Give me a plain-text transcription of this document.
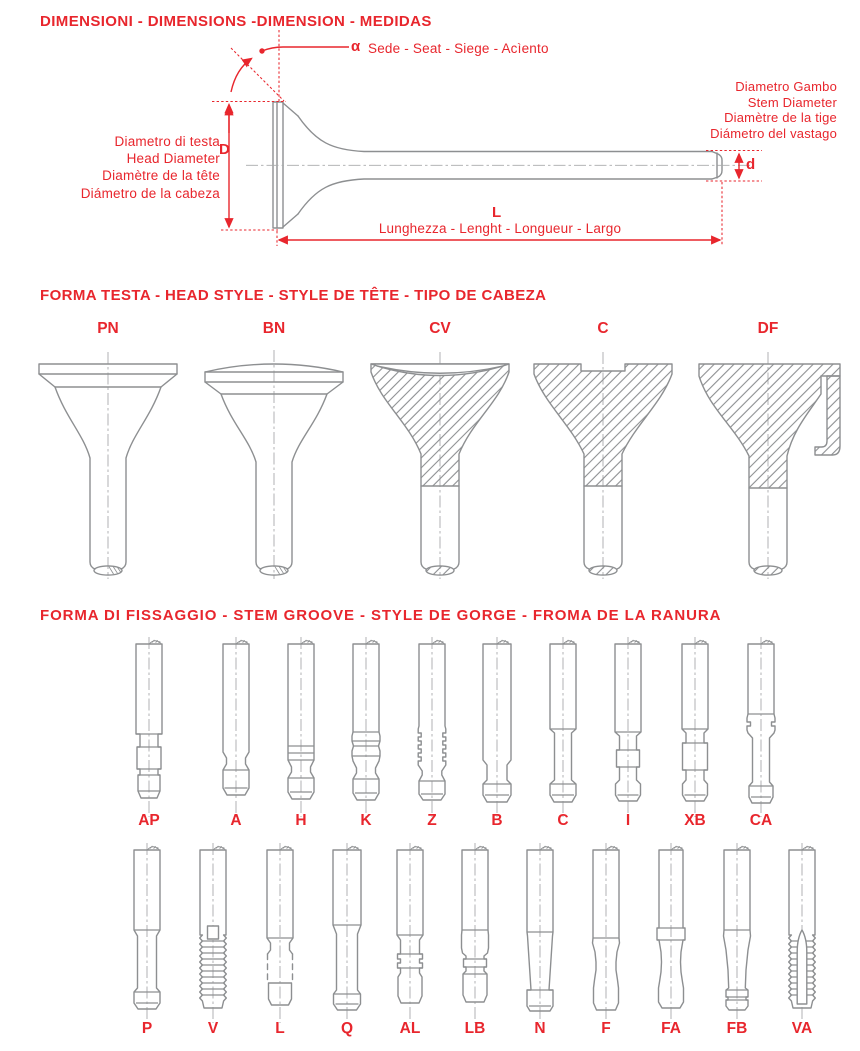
DIMENSIONI - DIMENSIONS -DIMENSION - MEDIDAS
α Sede - Seat - Siege - Acìento
Diametro Gambo
Stem Diameter
Diamètre de la tige
Diámetro del vastago
Diametro di testa
Head Diameter
Diamètre de la tête
Diámetro de la cabeza
D
d
L
Lunghezza - Lenght - Longueur - Largo
FORMA TESTA - HEAD STYLE - STYLE DE TÊTE - TIPO DE CABEZA
FORMA DI FISSAGGIO - STEM GROOVE - STYLE DE GORGE - FROMA DE LA RANURA
PN	BN	CV	C	DF
AP	A	H	K	Z	B	C	I	XB	CA
P	V	L	Q	AL	LB	N	F	FA	FB	VA
